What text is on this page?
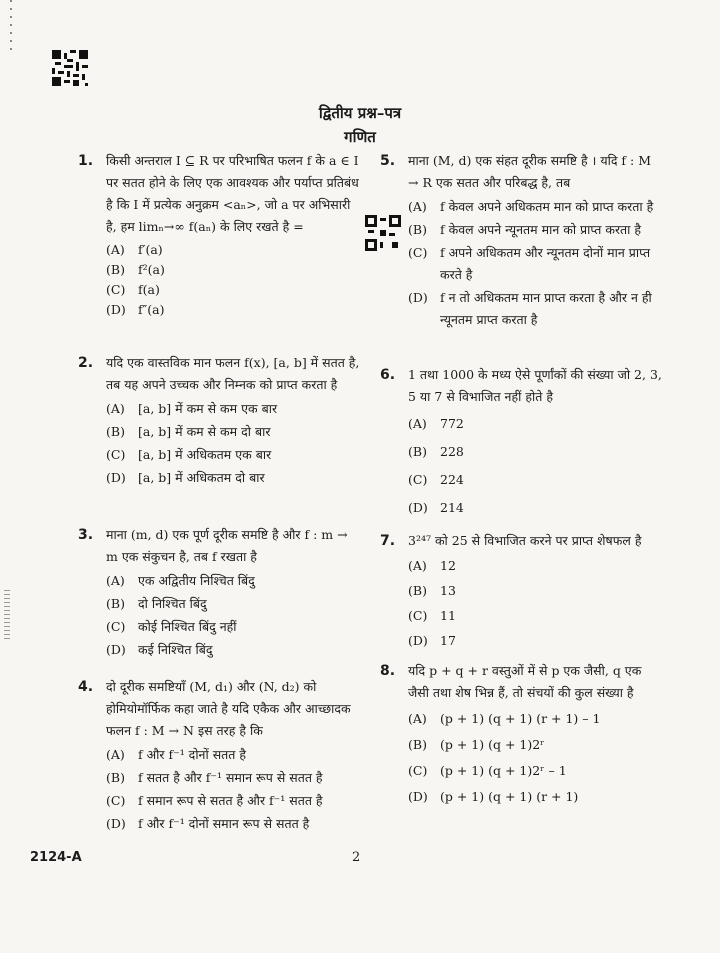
द्वितीय प्रश्न–पत्र
गणित
1. किसी अन्तराल I ⊆ R पर परिभाषित फलन f के a ∈ I पर सतत होने के लिए एक आवश्यक और पर्याप्त प्रतिबंध है कि I में प्रत्येक अनुक्रम <aₙ>, जो a पर अभिसारी है, हम limₙ→∞ f(aₙ) के लिए रखते है =

(A) f′(a)
(B) f²(a)
(C) f(a)
(D) f″(a)
2. यदि एक वास्तविक मान फलन f(x), [a, b] में सतत है, तब यह अपने उच्चक और निम्नक को प्राप्त करता है

(A) [a, b] में कम से कम एक बार
(B) [a, b] में कम से कम दो बार
(C) [a, b] में अधिकतम एक बार
(D) [a, b] में अधिकतम दो बार
3. माना (m, d) एक पूर्ण दूरीक समष्टि है और f : m → m एक संकुचन है, तब f रखता है

(A) एक अद्वितीय निश्चित बिंदु
(B) दो निश्चित बिंदु
(C) कोई निश्चित बिंदु नहीं
(D) कई निश्चित बिंदु
4. दो दूरीक समष्टियाँ (M, d₁) और (N, d₂) को होमियोमॉर्फिक कहा जाते है यदि एकैक और आच्छादक फलन f : M → N इस तरह है कि

(A) f और f⁻¹ दोनों सतत है
(B) f सतत है और f⁻¹ समान रूप से सतत है
(C) f समान रूप से सतत है और f⁻¹ सतत है
(D) f और f⁻¹ दोनों समान रूप से सतत है
5. माना (M, d) एक संहत दूरीक समष्टि है । यदि f : M → R एक सतत और परिबद्ध है, तब

(A) f केवल अपने अधिकतम मान को प्राप्त करता है
(B) f केवल अपने न्यूनतम मान को प्राप्त करता है
(C) f अपने अधिकतम और न्यूनतम दोनों मान प्राप्त करते है
(D) f न तो अधिकतम मान प्राप्त करता है और न ही न्यूनतम प्राप्त करता है
6. 1 तथा 1000 के मध्य ऐसे पूर्णांकों की संख्या जो 2, 3, 5 या 7 से विभाजित नहीं होते है

(A) 772
(B) 228
(C) 224
(D) 214
7. 3²⁴⁷ को 25 से विभाजित करने पर प्राप्त शेषफल है

(A) 12
(B) 13
(C) 11
(D) 17
8. यदि p + q + r वस्तुओं में से p एक जैसी, q एक जैसी तथा शेष भिन्न हैं, तो संचयों की कुल संख्या है

(A) (p + 1) (q + 1) (r + 1) – 1
(B) (p + 1) (q + 1)2ʳ
(C) (p + 1) (q + 1)2ʳ – 1
(D) (p + 1) (q + 1) (r + 1)
2124-A	2
